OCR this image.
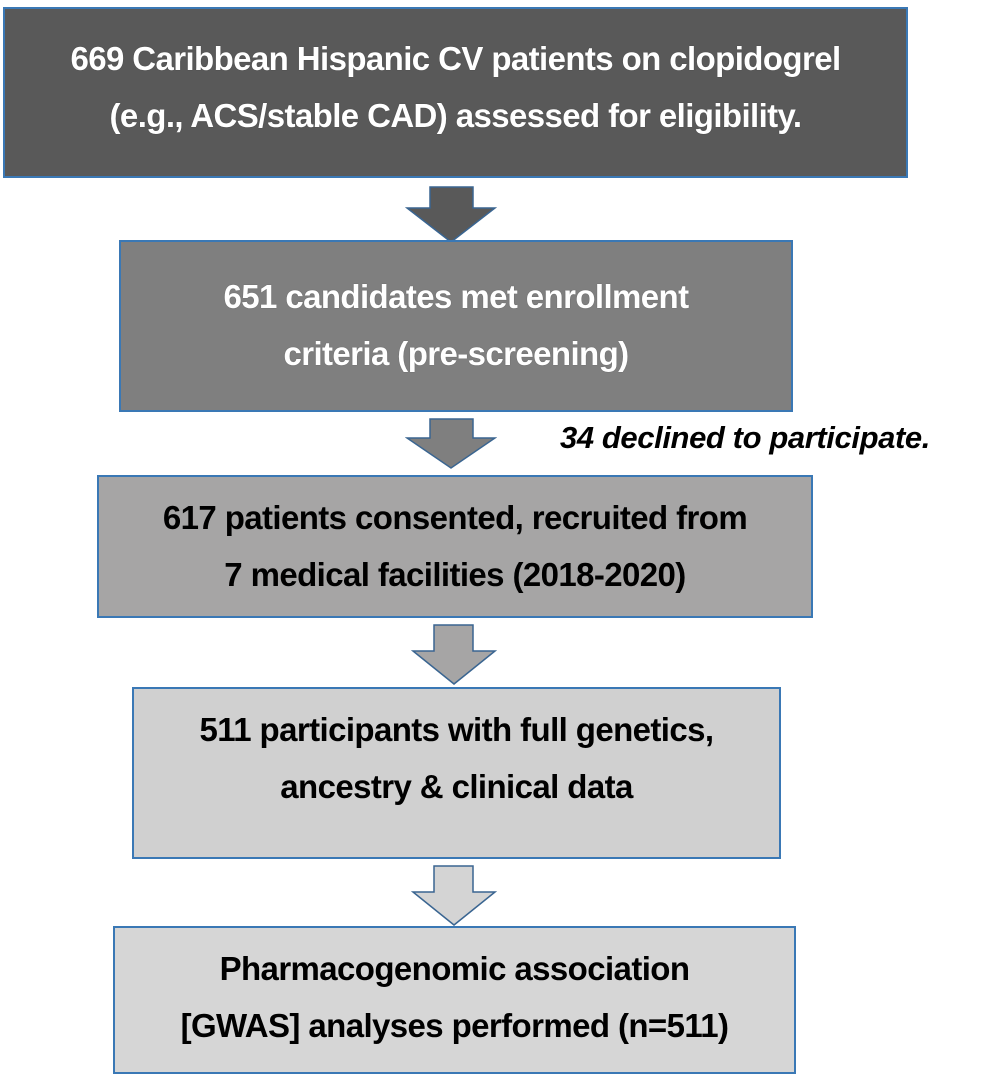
669 Caribbean Hispanic CV patients on clopidogrel
(e.g., ACS/stable CAD) assessed for eligibility.
651 candidates met enrollment
criteria (pre-screening)
34 declined to participate.
617 patients consented, recruited from
7 medical facilities (2018-2020)
511 participants with full genetics,
ancestry & clinical data
Pharmacogenomic association
[GWAS] analyses performed (n=511)
